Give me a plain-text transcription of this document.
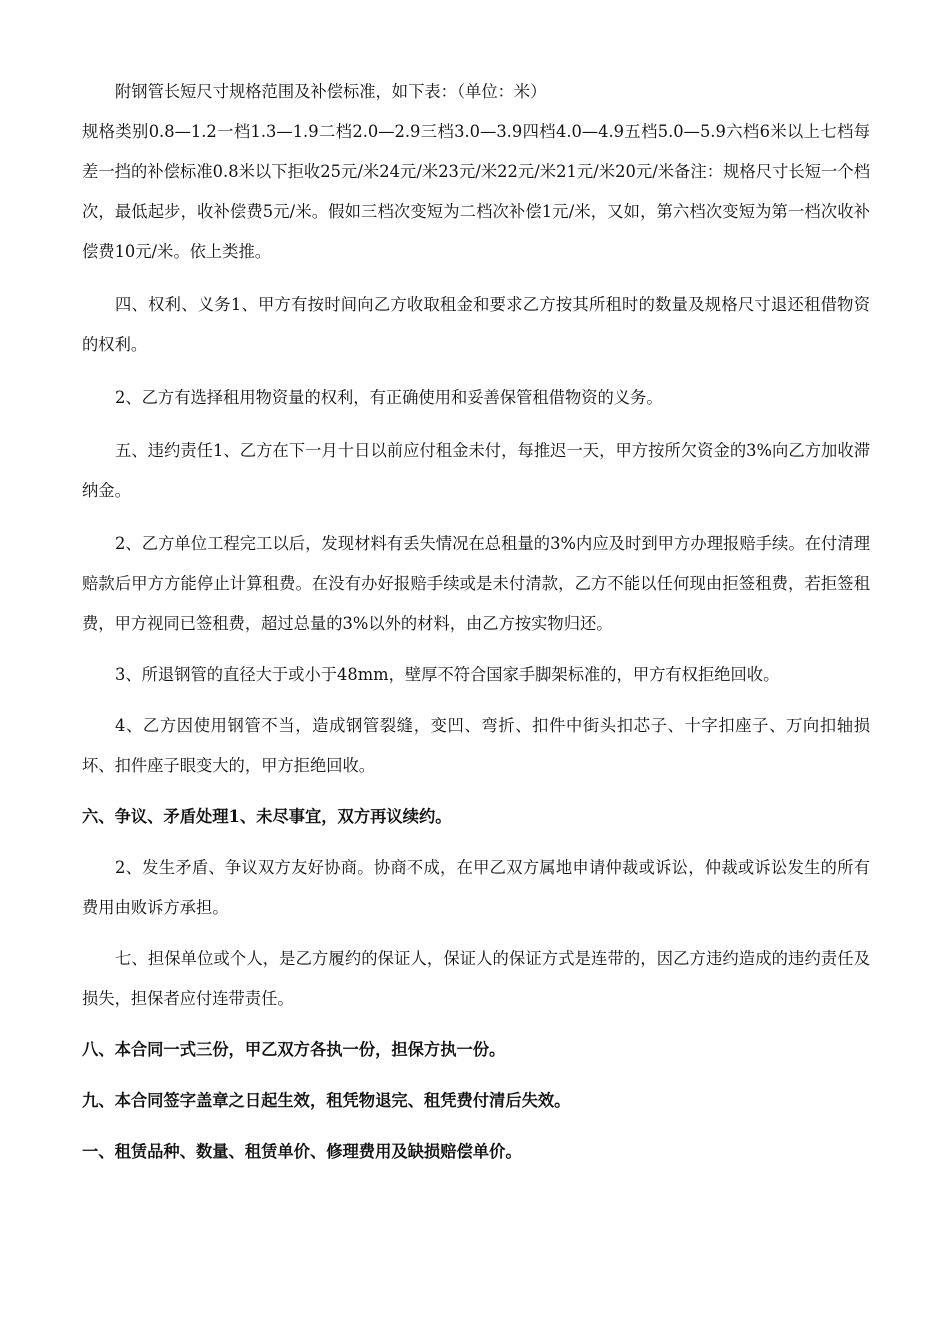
附钢管长短尺寸规格范围及补偿标准，如下表：（单位：米）

规格类别0.8—1.2一档1.3—1.9二档2.0—2.9三档3.0—3.9四档4.0—4.9五档5.0—5.9六档6米以上七档每差一挡的补偿标准0.8米以下拒收25元/米24元/米23元/米22元/米21元/米20元/米备注：规格尺寸长短一个档次，最低起步，收补偿费5元/米。假如三档次变短为二档次补偿1元/米，又如，第六档次变短为第一档次收补偿费10元/米。依上类推。

四、权利、义务1、甲方有按时间向乙方收取租金和要求乙方按其所租时的数量及规格尺寸退还租借物资的权利。

2、乙方有选择租用物资量的权利，有正确使用和妥善保管租借物资的义务。

五、违约责任1、乙方在下一月十日以前应付租金未付，每推迟一天，甲方按所欠资金的3%向乙方加收滞纳金。

2、乙方单位工程完工以后，发现材料有丢失情况在总租量的3%内应及时到甲方办理报赔手续。在付清理赔款后甲方方能停止计算租费。在没有办好报赔手续或是未付清款，乙方不能以任何现由拒签租费，若拒签租费，甲方视同已签租费，超过总量的3%以外的材料，由乙方按实物归还。

3、所退钢管的直径大于或小于48mm，壁厚不符合国家手脚架标准的，甲方有权拒绝回收。

4、乙方因使用钢管不当，造成钢管裂缝，变凹、弯折、扣件中街头扣芯子、十字扣座子、万向扣轴损坏、扣件座子眼变大的，甲方拒绝回收。

六、争议、矛盾处理1、未尽事宜，双方再议续约。

2、发生矛盾、争议双方友好协商。协商不成，在甲乙双方属地申请仲裁或诉讼，仲裁或诉讼发生的所有费用由败诉方承担。

七、担保单位或个人，是乙方履约的保证人，保证人的保证方式是连带的，因乙方违约造成的违约责任及损失，担保者应付连带责任。

八、本合同一式三份，甲乙双方各执一份，担保方执一份。

九、本合同签字盖章之日起生效，租凭物退完、租凭费付清后失效。

一、租赁品种、数量、租赁单价、修理费用及缺损赔偿单价。
